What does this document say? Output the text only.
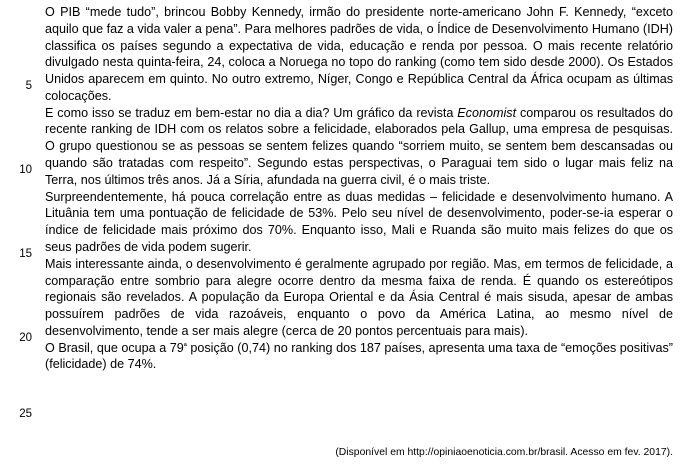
5
10
15
20
25

O PIB “mede tudo”, brincou Bobby Kennedy, irmão do presidente norte-americano John F. Kennedy, “exceto aquilo que faz a vida valer a pena”. Para melhores padrões de vida, o Índice de Desenvolvimento Humano (IDH) classifica os países segundo a expectativa de vida, educação e renda por pessoa. O mais recente relatório divulgado nesta quinta-feira, 24, coloca a Noruega no topo do ranking (como tem sido desde 2000). Os Estados Unidos aparecem em quinto. No outro extremo, Níger, Congo e República Central da África ocupam as últimas colocações.

E como isso se traduz em bem-estar no dia a dia? Um gráfico da revista Economist comparou os resultados do recente ranking de IDH com os relatos sobre a felicidade, elaborados pela Gallup, uma empresa de pesquisas. O grupo questionou se as pessoas se sentem felizes quando “sorriem muito, se sentem bem descansadas ou quando são tratadas com respeito”. Segundo estas perspectivas, o Paraguai tem sido o lugar mais feliz na Terra, nos últimos três anos. Já a Síria, afundada na guerra civil, é o mais triste.

Surpreendentemente, há pouca correlação entre as duas medidas – felicidade e desenvolvimento humano. A Lituânia tem uma pontuação de felicidade de 53%. Pelo seu nível de desenvolvimento, poder-se-ia esperar o índice de felicidade mais próximo dos 70%. Enquanto isso, Mali e Ruanda são muito mais felizes do que os seus padrões de vida podem sugerir.

Mais interessante ainda, o desenvolvimento é geralmente agrupado por região. Mas, em termos de felicidade, a comparação entre sombrio para alegre ocorre dentro da mesma faixa de renda. É quando os estereótipos regionais são revelados. A população da Europa Oriental e da Ásia Central é mais sisuda, apesar de ambas possuírem padrões de vida razoáveis, enquanto o povo da América Latina, ao mesmo nível de desenvolvimento, tende a ser mais alegre (cerca de 20 pontos percentuais para mais).

O Brasil, que ocupa a $79^ª$ posição (0,74) no ranking dos 187 países, apresenta uma taxa de “emoções positivas” (felicidade) de 74%.

(Disponível em http://opiniaoenoticia.com.br/brasil. Acesso em fev. 2017).
